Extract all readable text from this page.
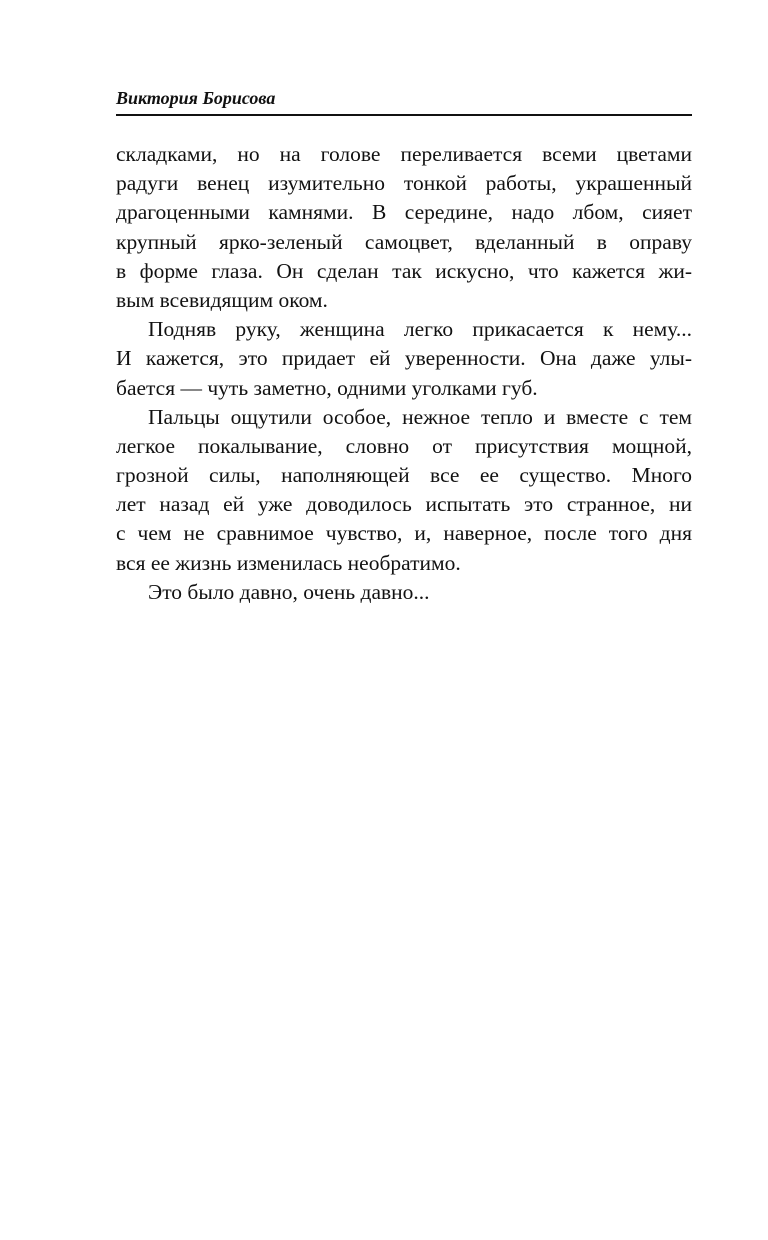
Виктория Борисова
складками, но на голове переливается всеми цветами
радуги венец изумительно тонкой работы, украшенный
драгоценными камнями. В середине, надо лбом, сияет
крупный ярко-зеленый самоцвет, вделанный в оправу
в форме глаза. Он сделан так искусно, что кажется жи-
вым всевидящим оком.
Подняв руку, женщина легко прикасается к нему...
И кажется, это придает ей уверенности. Она даже улы-
бается — чуть заметно, одними уголками губ.
Пальцы ощутили особое, нежное тепло и вместе с тем
легкое покалывание, словно от присутствия мощной,
грозной силы, наполняющей все ее существо. Много
лет назад ей уже доводилось испытать это странное, ни
с чем не сравнимое чувство, и, наверное, после того дня
вся ее жизнь изменилась необратимо.
Это было давно, очень давно...
